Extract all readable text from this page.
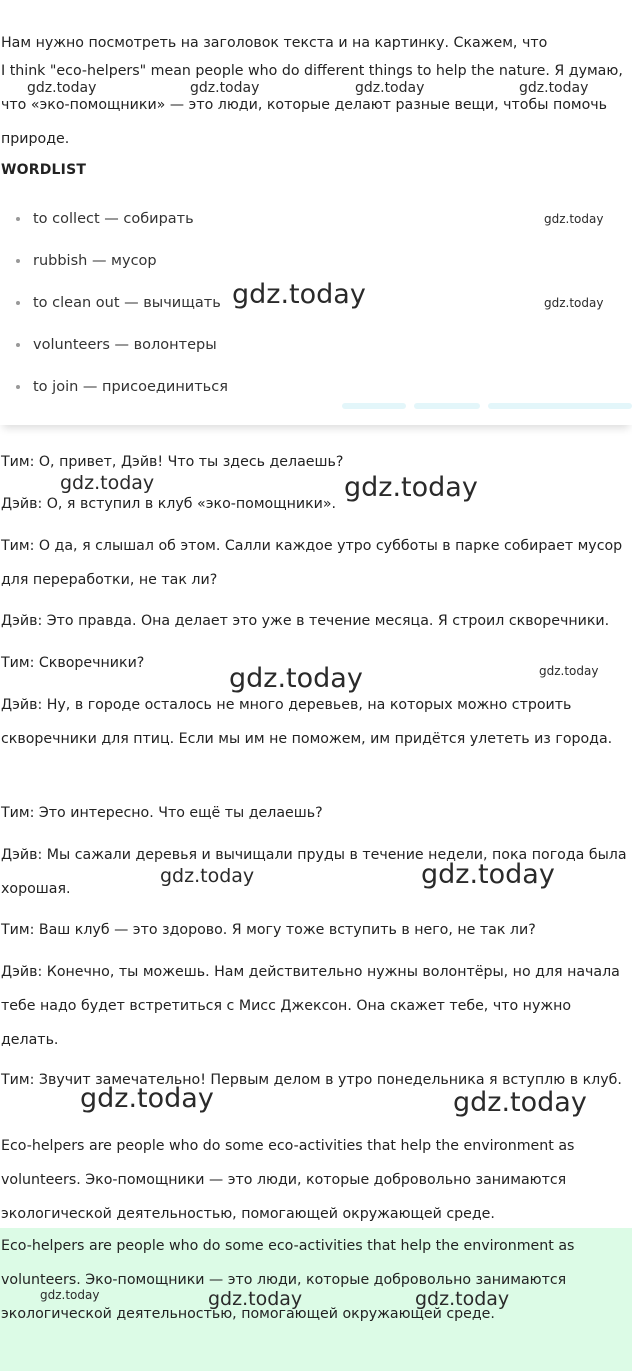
Нам нужно посмотреть на заголовок текста и на картинку. Скажем, что

I think "eco-helpers" mean people who do different things to help the nature. Я думаю, что «эко-помощники» — это люди, которые делают разные вещи, чтобы помочь природе.

WORDLIST
to collect — собирать
rubbish — мусор
to clean out — вычищать
volunteers — волонтеры
to join — присоединиться

Тим: О, привет, Дэйв! Что ты здесь делаешь?

Дэйв: О, я вступил в клуб «эко-помощники».

Тим: О да, я слышал об этом. Салли каждое утро субботы в парке собирает мусор для переработки, не так ли?

Дэйв: Это правда. Она делает это уже в течение месяца. Я строил скворечники.

Тим: Скворечники?

Дэйв: Ну, в городе осталось не много деревьев, на которых можно строить скворечники для птиц. Если мы им не поможем, им придётся улететь из города.

Тим: Это интересно. Что ещё ты делаешь?

Дэйв: Мы сажали деревья и вычищали пруды в течение недели, пока погода была хорошая.

Тим: Ваш клуб — это здорово. Я могу тоже вступить в него, не так ли?

Дэйв: Конечно, ты можешь. Нам действительно нужны волонтёры, но для начала тебе надо будет встретиться с Мисс Джексон. Она скажет тебе, что нужно делать.

Тим: Звучит замечательно! Первым делом в утро понедельника я вступлю в клуб.

Eco-helpers are people who do some eco-activities that help the environment as volunteers. Эко-помощники — это люди, которые добровольно занимаются экологической деятельностью, помогающей окружающей среде.

Eco-helpers are people who do some eco-activities that help the environment as volunteers. Эко-помощники — это люди, которые добровольно занимаются экологической деятельностью, помогающей окружающей среде.

gdz.today	gdz.today	gdz.today	gdz.today
gdz.today
gdz.today	gdz.today
gdz.today	gdz.today
gdz.today
gdz.today
gdz.today	gdz.today
gdz.today	gdz.today
gdz.today	gdz.today	gdz.today
